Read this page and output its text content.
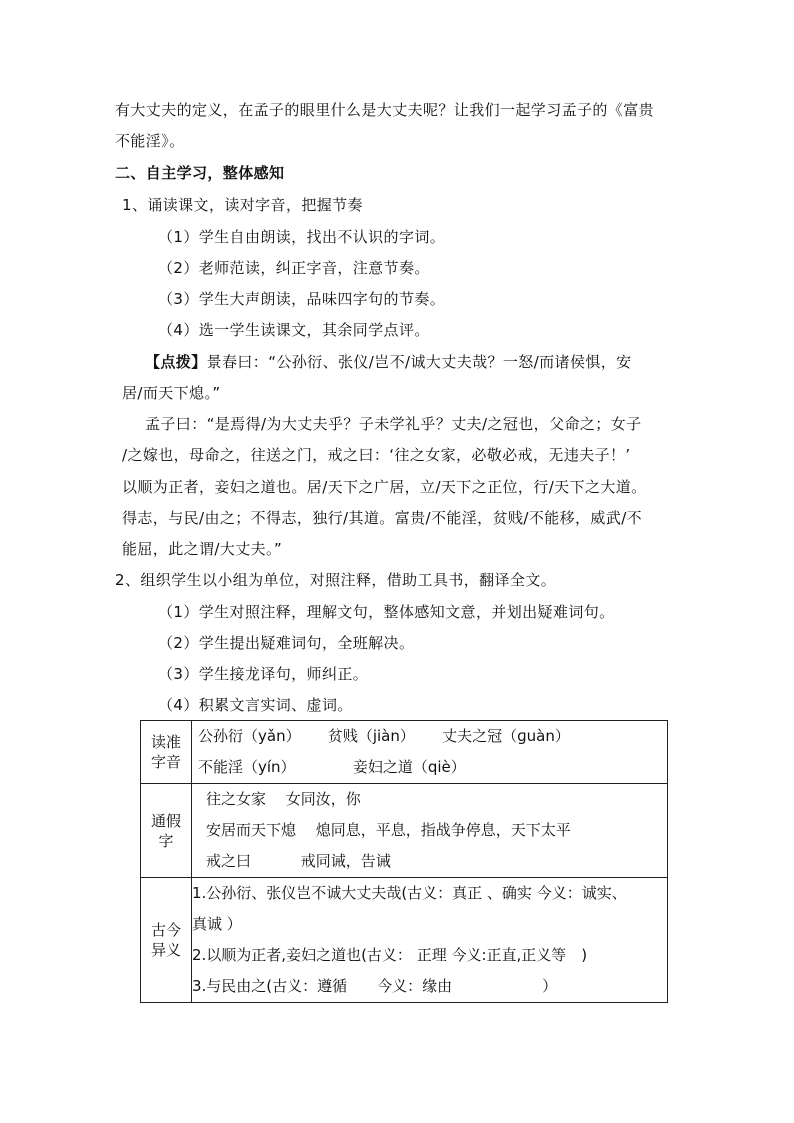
有大丈夫的定义，在孟子的眼里什么是大丈夫呢？让我们一起学习孟子的《富贵
不能淫》。
二、自主学习，整体感知
1、诵读课文，读对字音，把握节奏
（1）学生自由朗读，找出不认识的字词。
（2）老师范读，纠正字音，注意节奏。
（3）学生大声朗读，品味四字句的节奏。
（4）选一学生读课文，其余同学点评。
【点拨】景春曰：“公孙衍、张仪/岂不/诚大丈夫哉？一怒/而诸侯惧，安
居/而天下熄。”
孟子曰：“是焉得/为大丈夫乎？子未学礼乎？丈夫/之冠也，父命之；女子
/之嫁也，母命之，往送之门，戒之曰：‘往之女家，必敬必戒，无违夫子！’
以顺为正者，妾妇之道也。居/天下之广居，立/天下之正位，行/天下之大道。
得志，与民/由之；不得志，独行/其道。富贵/不能淫，贫贱/不能移，威武/不
能屈，此之谓/大丈夫。”
2、组织学生以小组为单位，对照注释，借助工具书，翻译全文。
（1）学生对照注释，理解文句，整体感知文意，并划出疑难词句。
（2）学生提出疑难词句，全班解决。
（3）学生接龙译句，师纠正。
（4）积累文言实词、虚词。
读准
字音	公孙衍（yǎn）　 　贫贱（jiàn）　　 丈夫之冠（ɡuàn）
不能淫（yín）　　　　 妾妇之道（qiè）

通假
字	往之女家　 女同汝，你
安居而天下熄　 熄同息，平息，指战争停息，天下太平
戒之曰　　　 戒同诫，告诫

古今
异义	1.公孙衍、张仪岂不诚大丈夫哉(古义：真正 、确实 今义：诚实、
真诚 ）
2.以顺为正者,妾妇之道也(古义： 正理 今义:正直,正义等　)
3.与民由之(古义：遵循　　今义：缘由　　　　　　）
